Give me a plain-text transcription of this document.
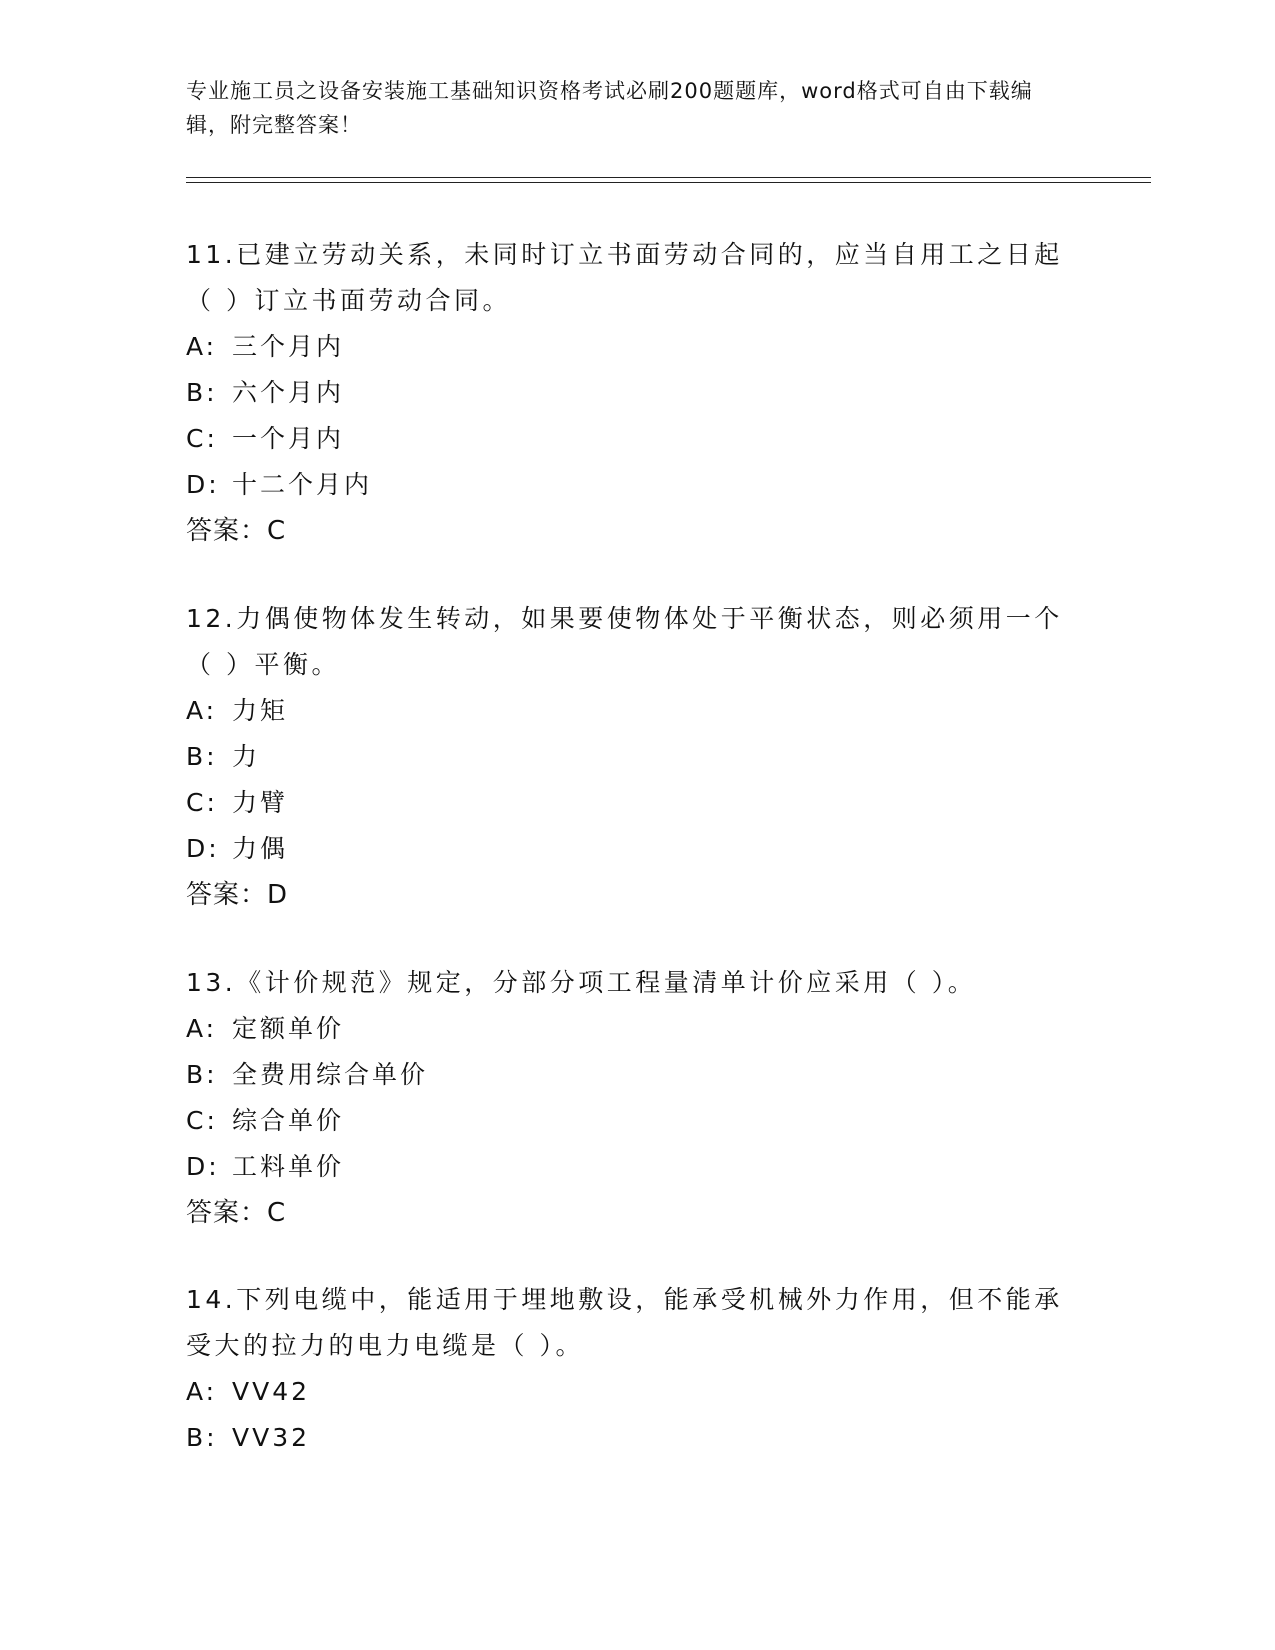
专业施工员之设备安装施工基础知识资格考试必刷200题题库，word格式可自由下载编辑，附完整答案！
11.已建立劳动关系，未同时订立书面劳动合同的，应当自用工之日起（ ）订立书面劳动合同。
A: 三个月内
B: 六个月内
C: 一个月内
D: 十二个月内
答案：C
12.力偶使物体发生转动，如果要使物体处于平衡状态，则必须用一个（ ）平衡。
A: 力矩
B: 力
C: 力臂
D: 力偶
答案：D
13.《计价规范》规定，分部分项工程量清单计价应采用（ ）。
A: 定额单价
B: 全费用综合单价
C: 综合单价
D: 工料单价
答案：C
14.下列电缆中，能适用于埋地敷设，能承受机械外力作用，但不能承受大的拉力的电力电缆是（ ）。
A: VV42
B: VV32
